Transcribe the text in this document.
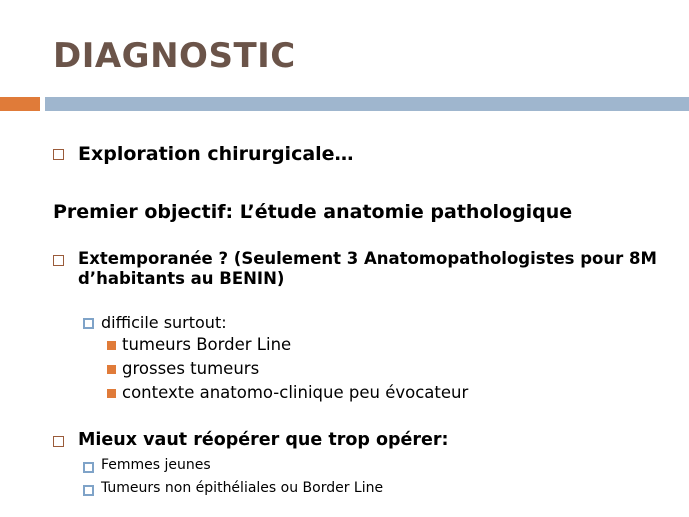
DIAGNOSTIC
Exploration chirurgicale…
Premier objectif: L’étude anatomie pathologique
Extemporanée ? (Seulement 3 Anatomopathologistes pour 8M d’habitants au BENIN)
difficile surtout:
tumeurs Border Line
grosses tumeurs
contexte anatomo-clinique peu évocateur
Mieux vaut réopérer que trop opérer:
Femmes jeunes
Tumeurs non épithéliales ou Border Line
